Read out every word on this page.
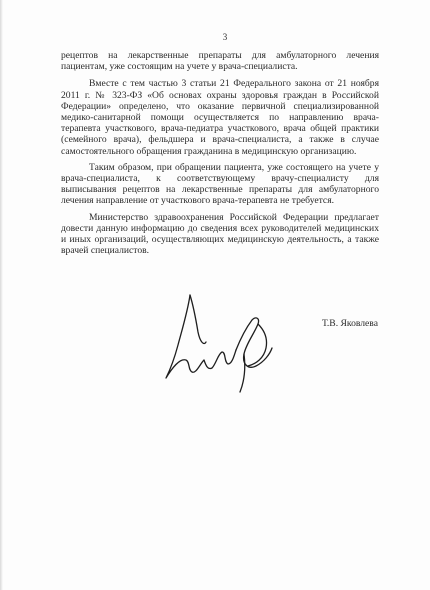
3

рецептов на лекарственные препараты для амбулаторного лечения пациентам, уже состоящим на учете у врача-специалиста.

Вместе с тем частью 3 статьи 21 Федерального закона от 21 ноября 2011 г. № 323-ФЗ «Об основах охраны здоровья граждан в Российской Федерации» определено, что оказание первичной специализированной медико-санитарной помощи осуществляется по направлению врача-терапевта участкового, врача-педиатра участкового, врача общей практики (семейного врача), фельдшера и врача-специалиста, а также в случае самостоятельного обращения гражданина в медицинскую организацию.

Таким образом, при обращении пациента, уже состоящего на учете у врача-специалиста, к соответствующему врачу-специалисту для выписывания рецептов на лекарственные препараты для амбулаторного лечения направление от участкового врача-терапевта не требуется.

Министерство здравоохранения Российской Федерации предлагает довести данную информацию до сведения всех руководителей медицинских и иных организаций, осуществляющих медицинскую деятельность, а также врачей специалистов.

Т.В. Яковлева
